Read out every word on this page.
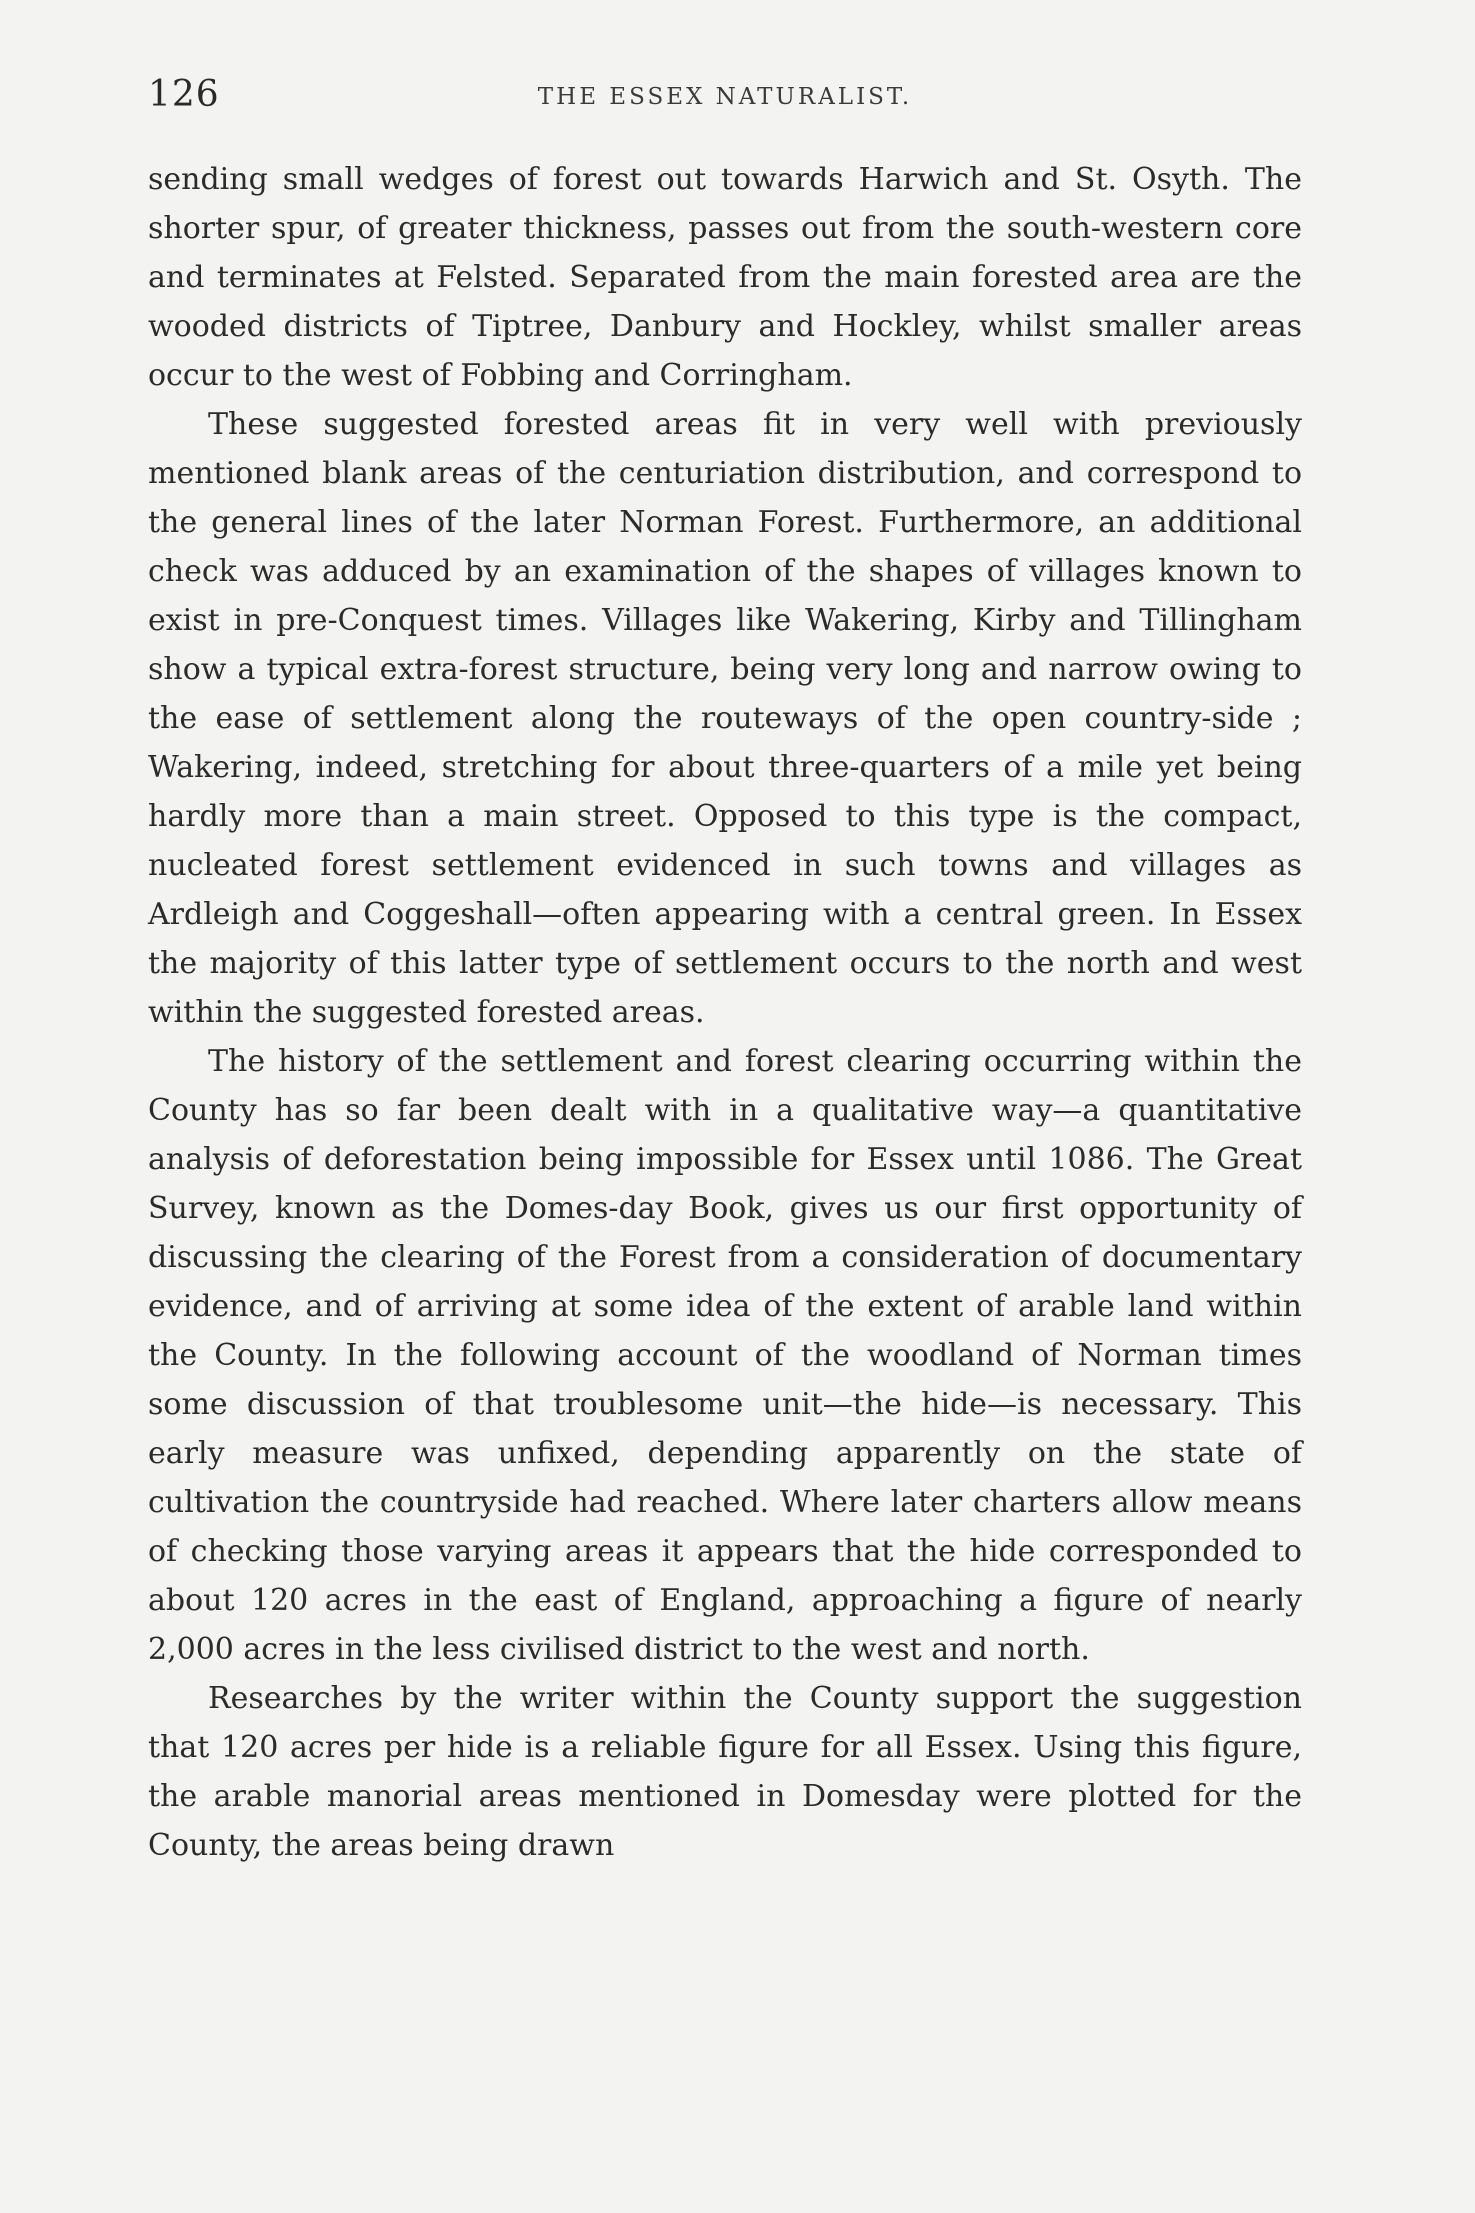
126	THE ESSEX NATURALIST.

sending small wedges of forest out towards Harwich and St. Osyth. The shorter spur, of greater thickness, passes out from the south-western core and terminates at Felsted. Separated from the main forested area are the wooded districts of Tiptree, Danbury and Hockley, whilst smaller areas occur to the west of Fobbing and Corringham.

These suggested forested areas fit in very well with previously mentioned blank areas of the centuriation distribution, and correspond to the general lines of the later Norman Forest. Furthermore, an additional check was adduced by an examination of the shapes of villages known to exist in pre-Conquest times. Villages like Wakering, Kirby and Tillingham show a typical extra-forest structure, being very long and narrow owing to the ease of settlement along the routeways of the open country-side ; Wakering, indeed, stretching for about three-quarters of a mile yet being hardly more than a main street. Opposed to this type is the compact, nucleated forest settlement evidenced in such towns and villages as Ardleigh and Coggeshall—often appearing with a central green. In Essex the majority of this latter type of settlement occurs to the north and west within the suggested forested areas.

The history of the settlement and forest clearing occurring within the County has so far been dealt with in a qualitative way—a quantitative analysis of deforestation being impossible for Essex until 1086. The Great Survey, known as the Domes-day Book, gives us our first opportunity of discussing the clearing of the Forest from a consideration of documentary evidence, and of arriving at some idea of the extent of arable land within the County. In the following account of the woodland of Norman times some discussion of that troublesome unit—the hide—is necessary. This early measure was unfixed, depending apparently on the state of cultivation the countryside had reached. Where later charters allow means of checking those varying areas it appears that the hide corresponded to about 120 acres in the east of England, approaching a figure of nearly 2,000 acres in the less civilised district to the west and north.

Researches by the writer within the County support the suggestion that 120 acres per hide is a reliable figure for all Essex. Using this figure, the arable manorial areas mentioned in Domesday were plotted for the County, the areas being drawn
